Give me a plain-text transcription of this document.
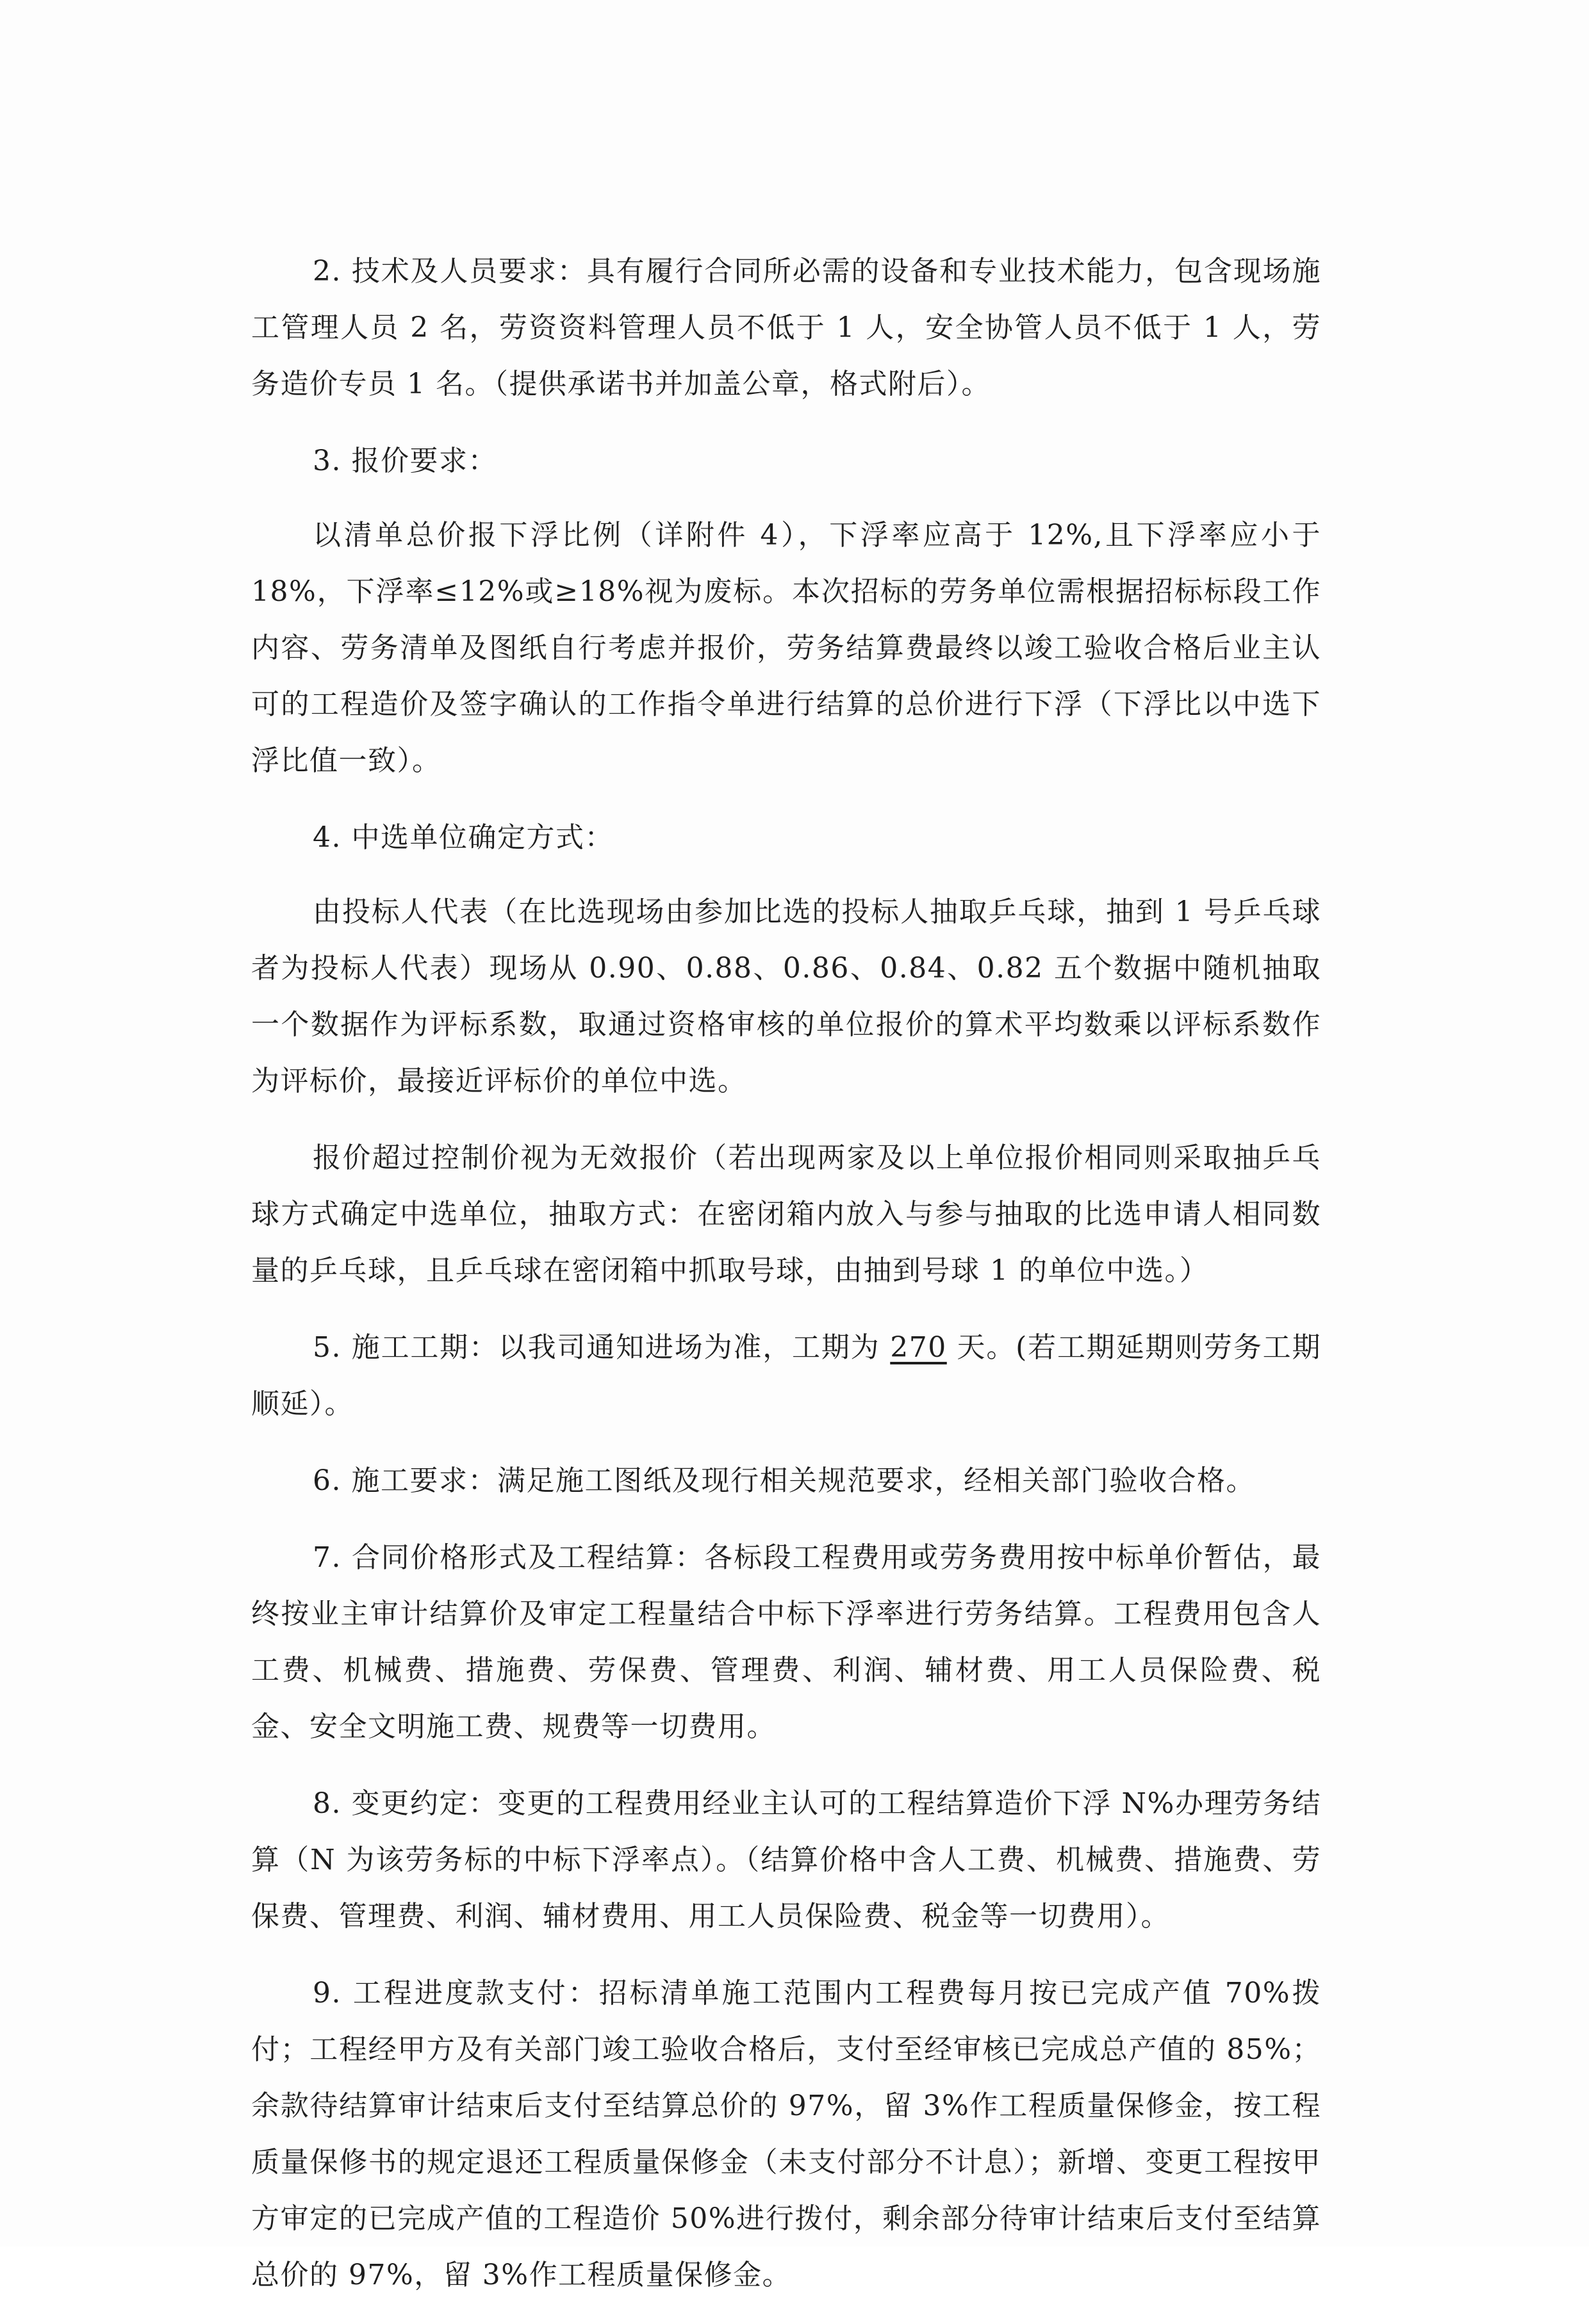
2. 技术及人员要求：具有履行合同所必需的设备和专业技术能力，包含现场施工管理人员 2 名，劳资资料管理人员不低于 1 人，安全协管人员不低于 1 人，劳务造价专员 1 名。（提供承诺书并加盖公章，格式附后）。

3. 报价要求：

以清单总价报下浮比例（详附件 4），下浮率应高于 12%,且下浮率应小于 18%，下浮率≤12%或≥18%视为废标。本次招标的劳务单位需根据招标标段工作内容、劳务清单及图纸自行考虑并报价，劳务结算费最终以竣工验收合格后业主认可的工程造价及签字确认的工作指令单进行结算的总价进行下浮（下浮比以中选下浮比值一致）。

4. 中选单位确定方式：

由投标人代表（在比选现场由参加比选的投标人抽取乒乓球，抽到 1 号乒乓球者为投标人代表）现场从 0.90、0.88、0.86、0.84、0.82 五个数据中随机抽取一个数据作为评标系数，取通过资格审核的单位报价的算术平均数乘以评标系数作为评标价，最接近评标价的单位中选。

报价超过控制价视为无效报价（若出现两家及以上单位报价相同则采取抽乒乓球方式确定中选单位，抽取方式：在密闭箱内放入与参与抽取的比选申请人相同数量的乒乓球，且乒乓球在密闭箱中抓取号球，由抽到号球 1 的单位中选。）

5. 施工工期：以我司通知进场为准，工期为 270 天。(若工期延期则劳务工期顺延）。

6. 施工要求：满足施工图纸及现行相关规范要求，经相关部门验收合格。

7. 合同价格形式及工程结算：各标段工程费用或劳务费用按中标单价暂估，最终按业主审计结算价及审定工程量结合中标下浮率进行劳务结算。工程费用包含人工费、机械费、措施费、劳保费、管理费、利润、辅材费、用工人员保险费、税金、安全文明施工费、规费等一切费用。

8. 变更约定：变更的工程费用经业主认可的工程结算造价下浮 N%办理劳务结算（N 为该劳务标的中标下浮率点）。（结算价格中含人工费、机械费、措施费、劳保费、管理费、利润、辅材费用、用工人员保险费、税金等一切费用）。

9. 工程进度款支付：招标清单施工范围内工程费每月按已完成产值 70%拨付；工程经甲方及有关部门竣工验收合格后，支付至经审核已完成总产值的 85%；余款待结算审计结束后支付至结算总价的 97%，留 3%作工程质量保修金，按工程质量保修书的规定退还工程质量保修金（未支付部分不计息）；新增、变更工程按甲方审定的已完成产值的工程造价 50%进行拨付，剩余部分待审计结束后支付至结算总价的 97%，留 3%作工程质量保修金。
